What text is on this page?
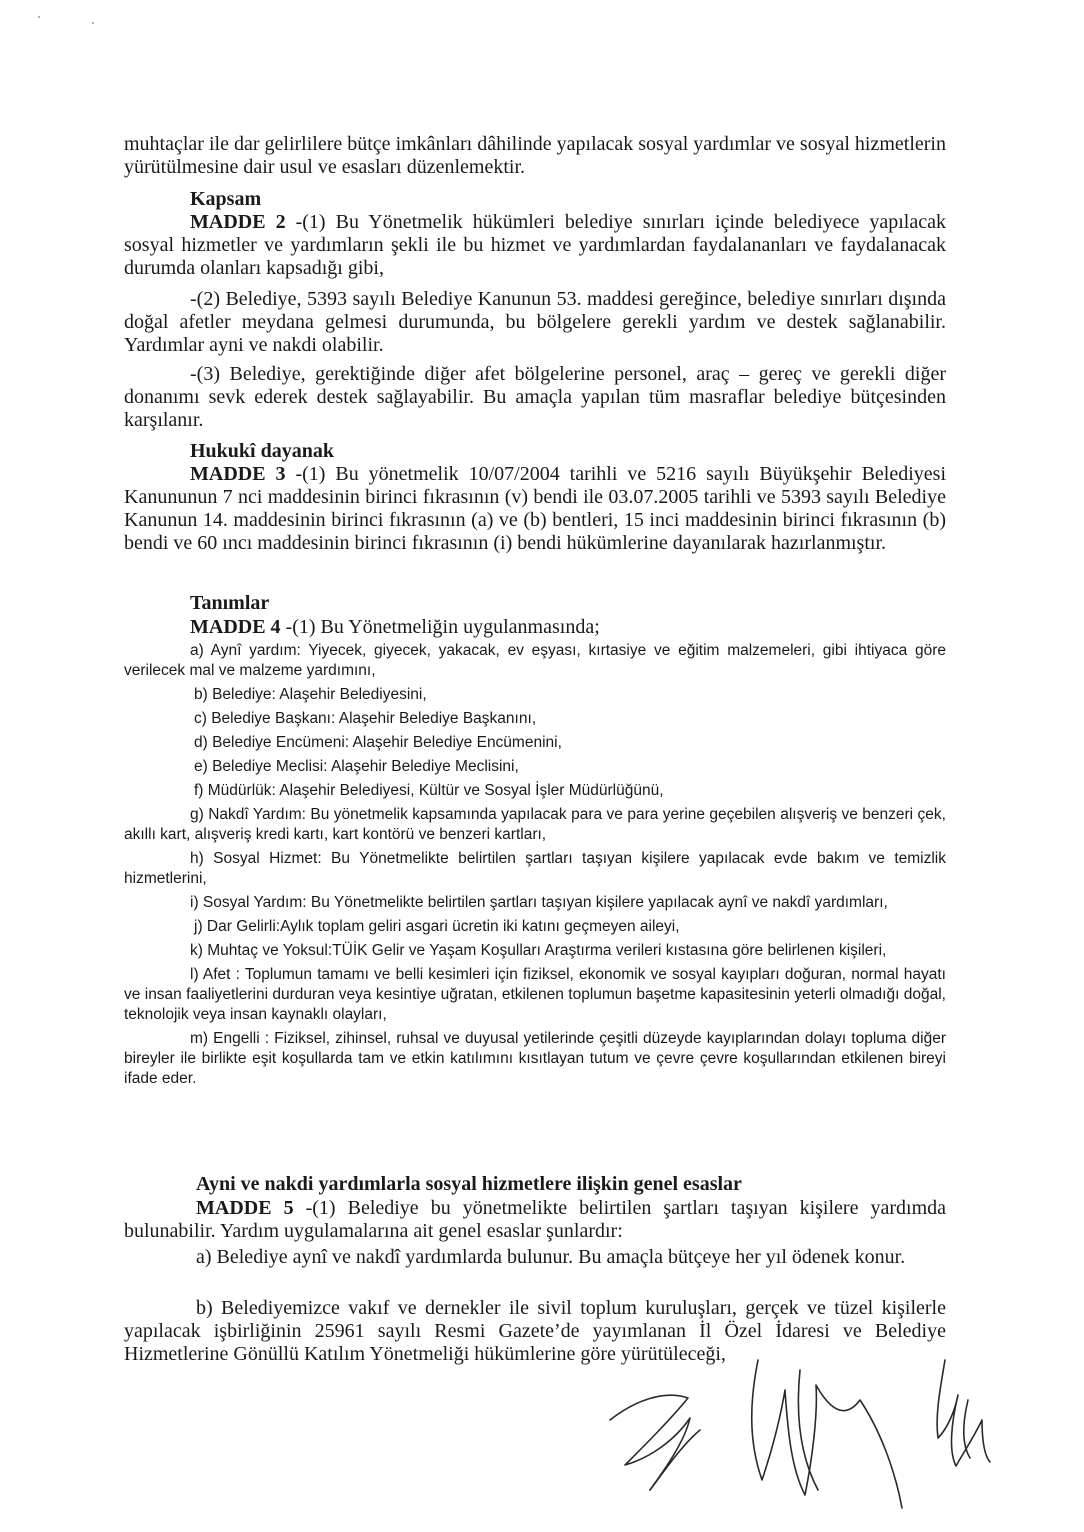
muhtaçlar ile dar gelirlilere bütçe imkânları dâhilinde yapılacak sosyal yardımlar ve sosyal hizmetlerin yürütülmesine dair usul ve esasları düzenlemektir.

Kapsam

MADDE 2 -(1) Bu Yönetmelik hükümleri belediye sınırları içinde belediyece yapılacak sosyal hizmetler ve yardımların şekli ile bu hizmet ve yardımlardan faydalananları ve faydalanacak durumda olanları kapsadığı gibi,

-(2) Belediye, 5393 sayılı Belediye Kanunun 53. maddesi gereğince, belediye sınırları dışında doğal afetler meydana gelmesi durumunda, bu bölgelere gerekli yardım ve destek sağlanabilir. Yardımlar ayni ve nakdi olabilir.

-(3) Belediye, gerektiğinde diğer afet bölgelerine personel, araç – gereç ve gerekli diğer donanımı sevk ederek destek sağlayabilir. Bu amaçla yapılan tüm masraflar belediye bütçesinden karşılanır.

Hukukî dayanak

MADDE 3 -(1) Bu yönetmelik 10/07/2004 tarihli ve 5216 sayılı Büyükşehir Belediyesi Kanununun 7 nci maddesinin birinci fıkrasının (v) bendi ile 03.07.2005 tarihli ve 5393 sayılı Belediye Kanunun 14. maddesinin birinci fıkrasının (a) ve (b) bentleri, 15 inci maddesinin birinci fıkrasının (b) bendi ve 60 ıncı maddesinin birinci fıkrasının (i) bendi hükümlerine dayanılarak hazırlanmıştır.

Tanımlar

MADDE 4 -(1) Bu Yönetmeliğin uygulanmasında;

a) Aynî yardım: Yiyecek, giyecek, yakacak, ev eşyası, kırtasiye ve eğitim malzemeleri, gibi ihtiyaca göre verilecek mal ve malzeme yardımını,

b) Belediye: Alaşehir Belediyesini,

c) Belediye Başkanı: Alaşehir Belediye Başkanını,

d) Belediye Encümeni: Alaşehir Belediye Encümenini,

e) Belediye Meclisi: Alaşehir Belediye Meclisini,

f) Müdürlük: Alaşehir Belediyesi, Kültür ve Sosyal İşler Müdürlüğünü,

g) Nakdî Yardım: Bu yönetmelik kapsamında yapılacak para ve para yerine geçebilen alışveriş ve benzeri çek, akıllı kart, alışveriş kredi kartı, kart kontörü ve benzeri kartları,

h) Sosyal Hizmet: Bu Yönetmelikte belirtilen şartları taşıyan kişilere yapılacak evde bakım ve temizlik hizmetlerini,

i) Sosyal Yardım: Bu Yönetmelikte belirtilen şartları taşıyan kişilere yapılacak aynî ve nakdî yardımları,

j) Dar Gelirli:Aylık toplam geliri asgari ücretin iki katını geçmeyen aileyi,

k) Muhtaç ve Yoksul:TÜİK Gelir ve Yaşam Koşulları Araştırma verileri kıstasına göre belirlenen kişileri,

l) Afet : Toplumun tamamı ve belli kesimleri için fiziksel, ekonomik ve sosyal kayıpları doğuran, normal hayatı ve insan faaliyetlerini durduran veya kesintiye uğratan, etkilenen toplumun başetme kapasitesinin yeterli olmadığı doğal, teknolojik veya insan kaynaklı olayları,

m) Engelli : Fiziksel, zihinsel, ruhsal ve duyusal yetilerinde çeşitli düzeyde kayıplarından dolayı topluma diğer bireyler ile birlikte eşit koşullarda tam ve etkin katılımını kısıtlayan tutum ve çevre çevre koşullarından etkilenen bireyi ifade eder.

Ayni ve nakdi yardımlarla sosyal hizmetlere ilişkin genel esaslar

MADDE 5 -(1) Belediye bu yönetmelikte belirtilen şartları taşıyan kişilere yardımda bulunabilir. Yardım uygulamalarına ait genel esaslar şunlardır:

a) Belediye aynî ve nakdî yardımlarda bulunur. Bu amaçla bütçeye her yıl ödenek konur.

b) Belediyemizce vakıf ve dernekler ile sivil toplum kuruluşları, gerçek ve tüzel kişilerle yapılacak işbirliğinin 25961 sayılı Resmi Gazete’de yayımlanan İl Özel İdaresi ve Belediye Hizmetlerine Gönüllü Katılım Yönetmeliği hükümlerine göre yürütüleceği,
